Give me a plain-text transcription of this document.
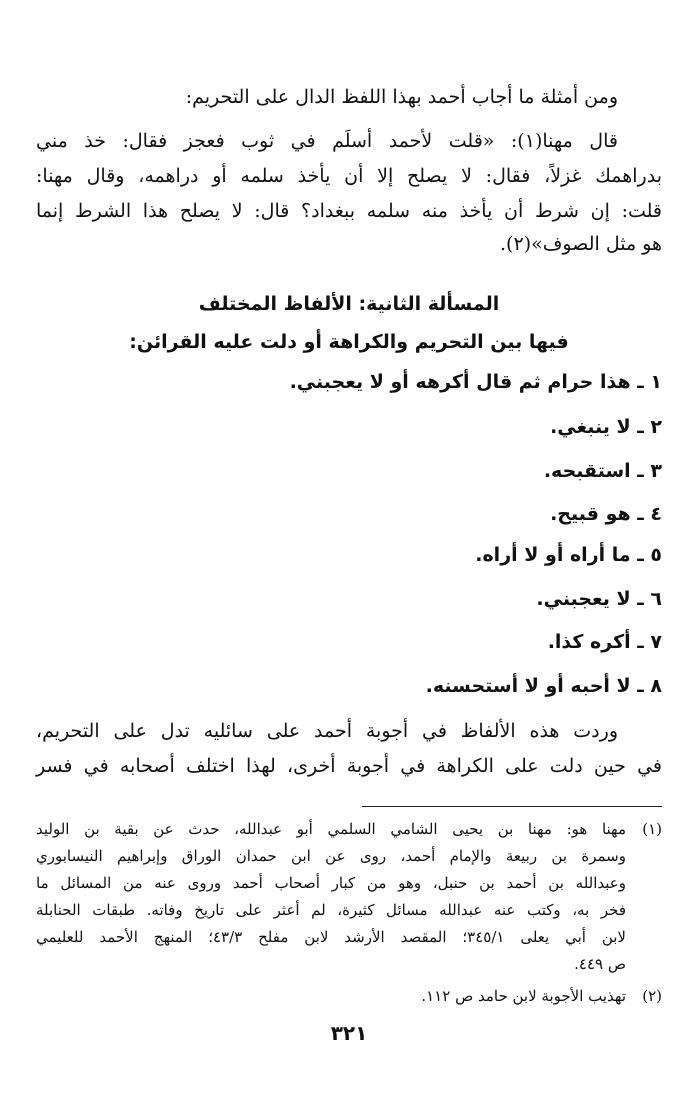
ومن أمثلة ما أجاب أحمد بهذا اللفظ الدال على التحريم:
قال مهنا(١): «قلت لأحمد أسلَم في ثوب فعجز فقال: خذ مني
بدراهمك غزلاً، فقال: لا يصلح إلا أن يأخذ سلمه أو دراهمه، وقال مهنا:
قلت: إن شرط أن يأخذ منه سلمه ببغداد؟ قال: لا يصلح هذا الشرط إنما
هو مثل الصوف»(٢).
المسألة الثانية: الألفاظ المختلف
فيها بين التحريم والكراهة أو دلت عليه القرائن:
١ ـ هذا حرام ثم قال أكرهه أو لا يعجبني.
٢ ـ لا ينبغي.
٣ ـ استقبحه.
٤ ـ هو قبيح.
٥ ـ ما أراه أو لا أراه.
٦ ـ لا يعجبني.
٧ ـ أكره كذا.
٨ ـ لا أحبه أو لا أستحسنه.
وردت هذه الألفاظ في أجوبة أحمد على سائليه تدل على التحريم،
في حين دلت على الكراهة في أجوبة أخرى، لهذا اختلف أصحابه في فسر
(١)
مهنا هو: مهنا بن يحيى الشامي السلمي أبو عبدالله، حدث عن بقية بن الوليد
وسمرة بن ربيعة والإمام أحمد، روى عن ابن حمدان الوراق وإبراهيم النيسابوري
وعبدالله بن أحمد بن حنبل، وهو من كبار أصحاب أحمد وروى عنه من المسائل ما
فخر به، وكتب عنه عبدالله مسائل كثيرة، لم أعثر على تاريخ وفاته. طبقات الحنابلة
لابن أبي يعلى ٣٤٥/١؛ المقصد الأرشد لابن مفلح ٤٣/٣؛ المنهج الأحمد للعليمي
ص ٤٤٩.
(٢)
تهذيب الأجوبة لابن حامد ص ١١٢.
٣٢١
